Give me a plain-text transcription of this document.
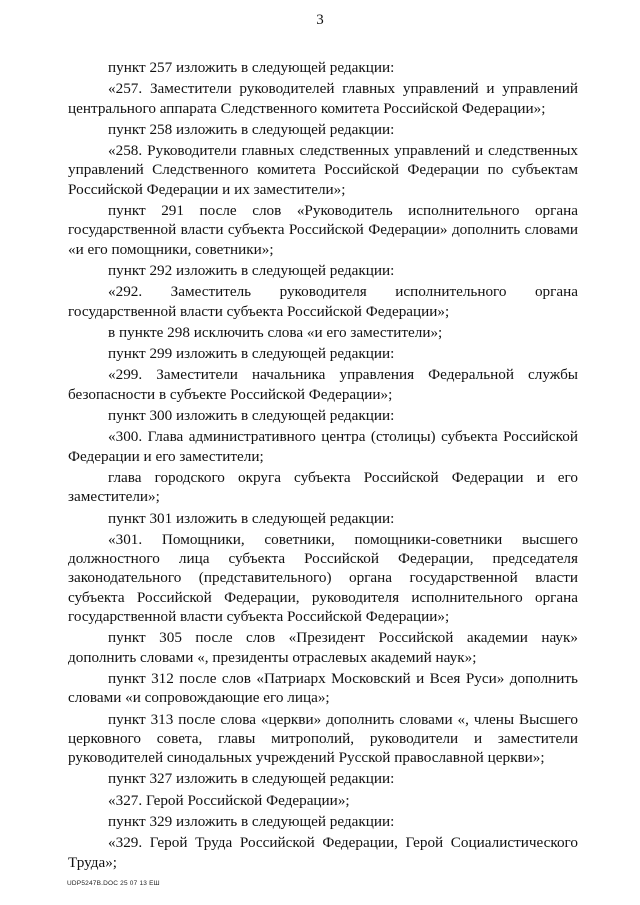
3

пункт 257 изложить в следующей редакции:

«257. Заместители руководителей главных управлений и управлений центрального аппарата Следственного комитета Российской Федерации»;

пункт 258 изложить в следующей редакции:

«258. Руководители главных следственных управлений и следственных управлений Следственного комитета Российской Федерации по субъектам Российской Федерации и их заместители»;

пункт 291 после слов «Руководитель исполнительного органа государственной власти субъекта Российской Федерации» дополнить словами «и его помощники, советники»;

пункт 292 изложить в следующей редакции:

«292. Заместитель руководителя исполнительного органа государственной власти субъекта Российской Федерации»;

в пункте 298 исключить слова «и его заместители»;

пункт 299 изложить в следующей редакции:

«299. Заместители начальника управления Федеральной службы безопасности в субъекте Российской Федерации»;

пункт 300 изложить в следующей редакции:

«300. Глава административного центра (столицы) субъекта Российской Федерации и его заместители;

глава городского округа субъекта Российской Федерации и его заместители»;

пункт 301 изложить в следующей редакции:

«301. Помощники, советники, помощники-советники высшего должностного лица субъекта Российской Федерации, председателя законодательного (представительного) органа государственной власти субъекта Российской Федерации, руководителя исполнительного органа государственной власти субъекта Российской Федерации»;

пункт 305 после слов «Президент Российской академии наук» дополнить словами «, президенты отраслевых академий наук»;

пункт 312 после слов «Патриарх Московский и Всея Руси» дополнить словами «и сопровождающие его лица»;

пункт 313 после слова «церкви» дополнить словами «, члены Высшего церковного совета, главы митрополий, руководители и заместители руководителей синодальных учреждений Русской православной церкви»;

пункт 327 изложить в следующей редакции:

«327. Герой Российской Федерации»;

пункт 329 изложить в следующей редакции:

«329. Герой Труда Российской Федерации, Герой Социалистического Труда»;

UDP5247B.DOC 25 07 13 ЕШ
